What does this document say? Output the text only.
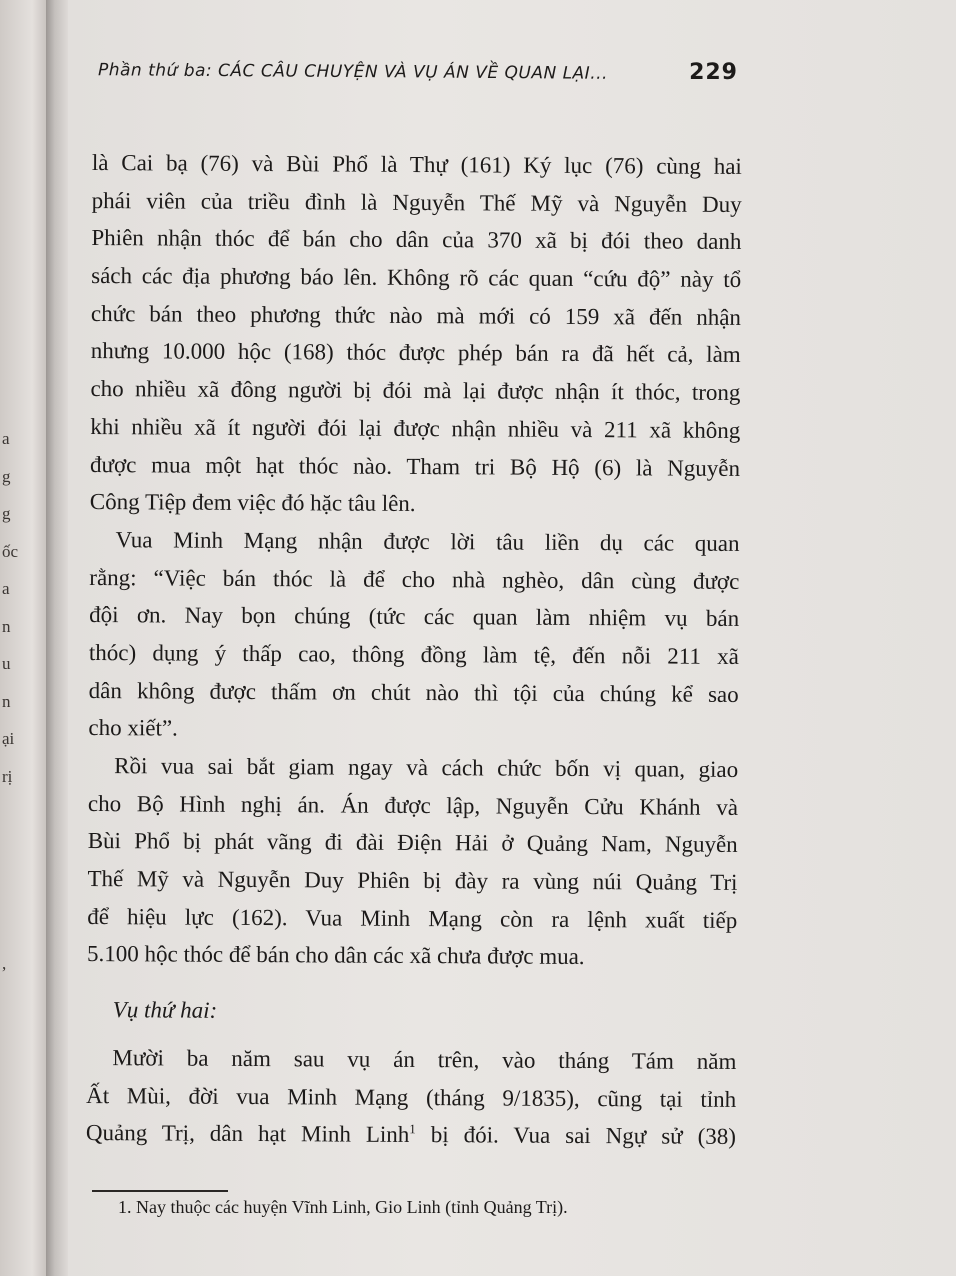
a
g
g
ốc
a
n
u
n
ại
rị
,
Phần thứ ba: CÁC CÂU CHUYỆN VÀ VỤ ÁN VỀ QUAN LẠI...	229
là Cai bạ (76) và Bùi Phổ là Thự (161) Ký lục (76) cùng hai
phái viên của triều đình là Nguyễn Thế Mỹ và Nguyễn Duy
Phiên nhận thóc để bán cho dân của 370 xã bị đói theo danh
sách các địa phương báo lên. Không rõ các quan “cứu độ” này tổ
chức bán theo phương thức nào mà mới có 159 xã đến nhận
nhưng 10.000 hộc (168) thóc được phép bán ra đã hết cả, làm
cho nhiều xã đông người bị đói mà lại được nhận ít thóc, trong
khi nhiều xã ít người đói lại được nhận nhiều và 211 xã không
được mua một hạt thóc nào. Tham tri Bộ Hộ (6) là Nguyễn
Công Tiệp đem việc đó hặc tâu lên.
Vua Minh Mạng nhận được lời tâu liền dụ các quan
rằng: “Việc bán thóc là để cho nhà nghèo, dân cùng được
đội ơn. Nay bọn chúng (tức các quan làm nhiệm vụ bán
thóc) dụng ý thấp cao, thông đồng làm tệ, đến nỗi 211 xã
dân không được thấm ơn chút nào thì tội của chúng kể sao
cho xiết”.
Rồi vua sai bắt giam ngay và cách chức bốn vị quan, giao
cho Bộ Hình nghị án. Án được lập, Nguyễn Cửu Khánh và
Bùi Phổ bị phát vãng đi đài Điện Hải ở Quảng Nam, Nguyễn
Thế Mỹ và Nguyễn Duy Phiên bị đày ra vùng núi Quảng Trị
để hiệu lực (162). Vua Minh Mạng còn ra lệnh xuất tiếp
5.100 hộc thóc để bán cho dân các xã chưa được mua.
Vụ thứ hai:
Mười ba năm sau vụ án trên, vào tháng Tám năm
Ất Mùi, đời vua Minh Mạng (tháng 9/1835), cũng tại tỉnh
Quảng Trị, dân hạt Minh Linh$^1$ bị đói. Vua sai Ngự sử (38)
1. Nay thuộc các huyện Vĩnh Linh, Gio Linh (tỉnh Quảng Trị).
